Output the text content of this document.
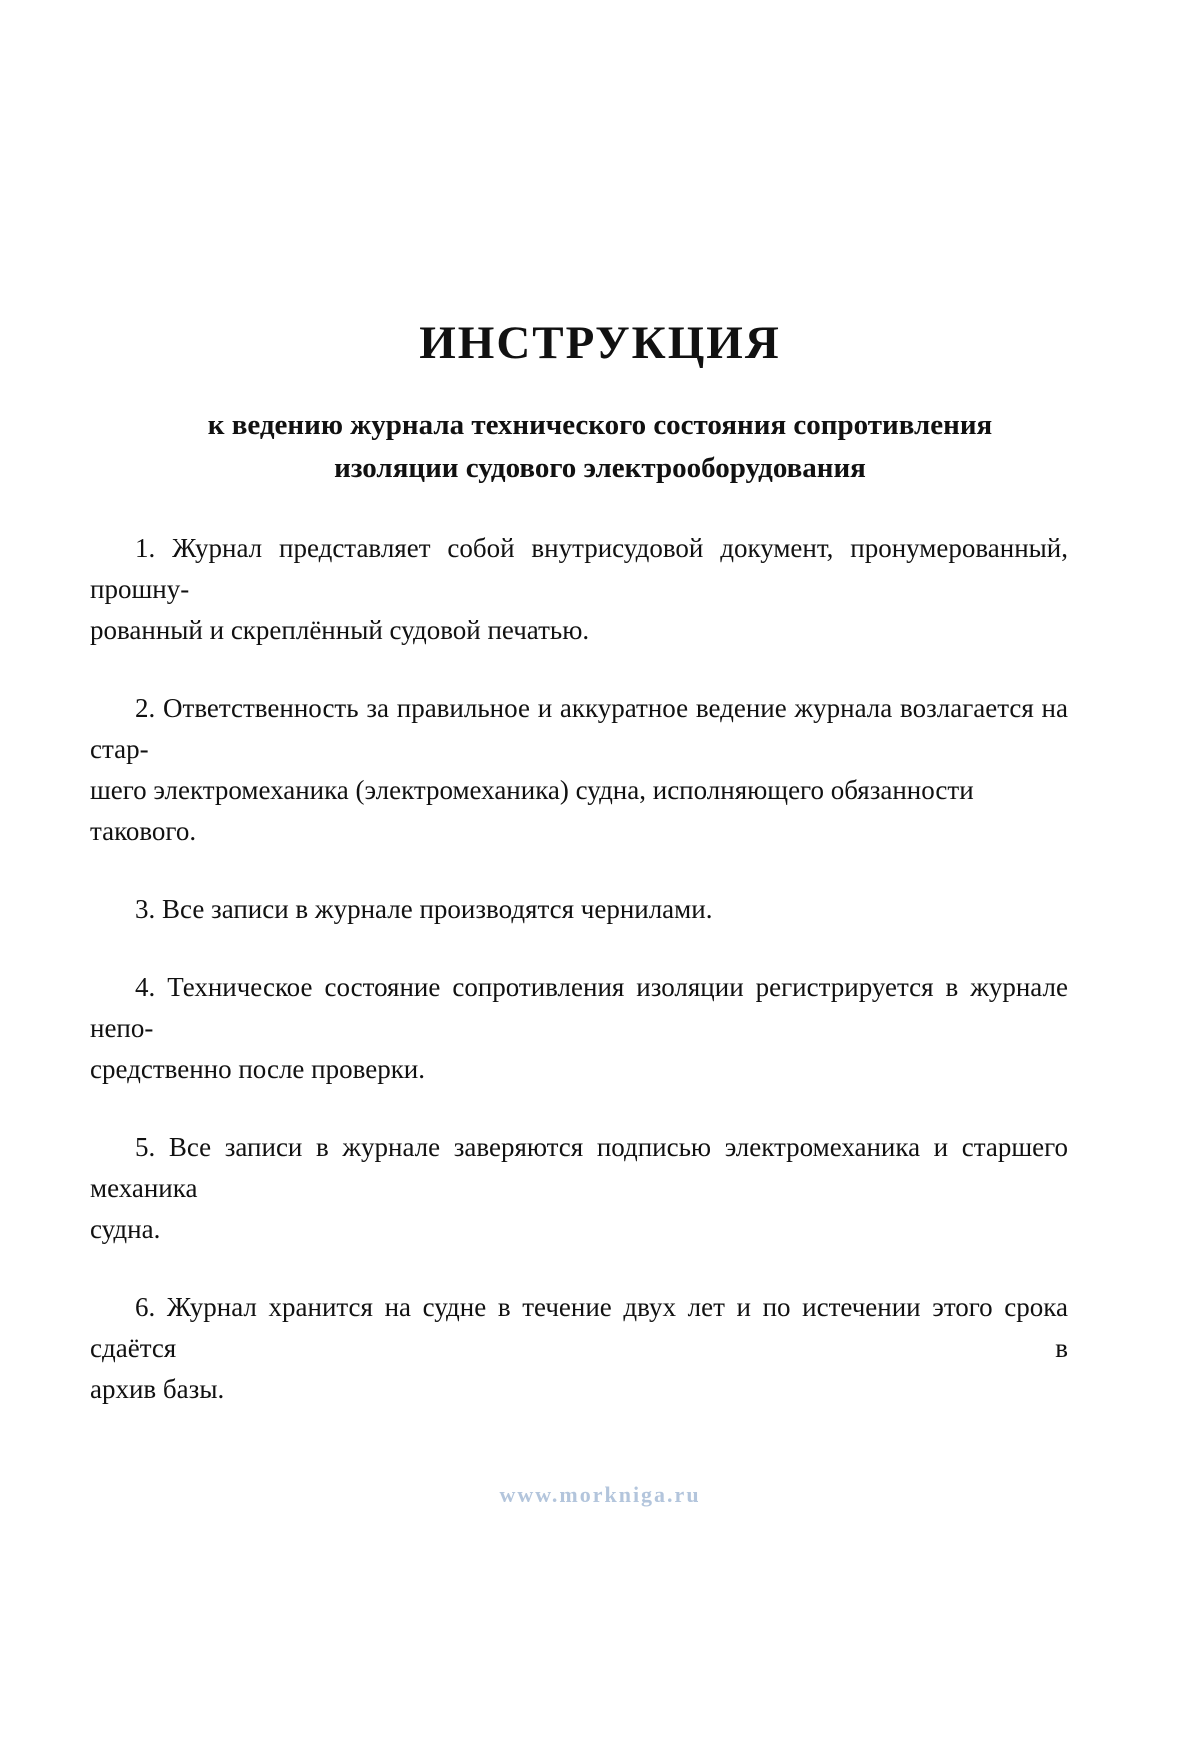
ИНСТРУКЦИЯ
к ведению журнала технического состояния сопротивления
изоляции судового электрооборудования

1. Журнал представляет собой внутрисудовой документ, пронумерованный, прошну-
рованный и скреплённый судовой печатью.

2. Ответственность за правильное и аккуратное ведение журнала возлагается на стар-
шего электромеханика (электромеханика) судна, исполняющего обязанности такового.

3. Все записи в журнале производятся чернилами.

4. Техническое состояние сопротивления изоляции регистрируется в журнале непо-
средственно после проверки.

5. Все записи в журнале заверяются подписью электромеханика и старшего механика
судна.

6. Журнал хранится на судне в течение двух лет и по истечении этого срока сдаётся в
архив базы.

www.morkniga.ru
